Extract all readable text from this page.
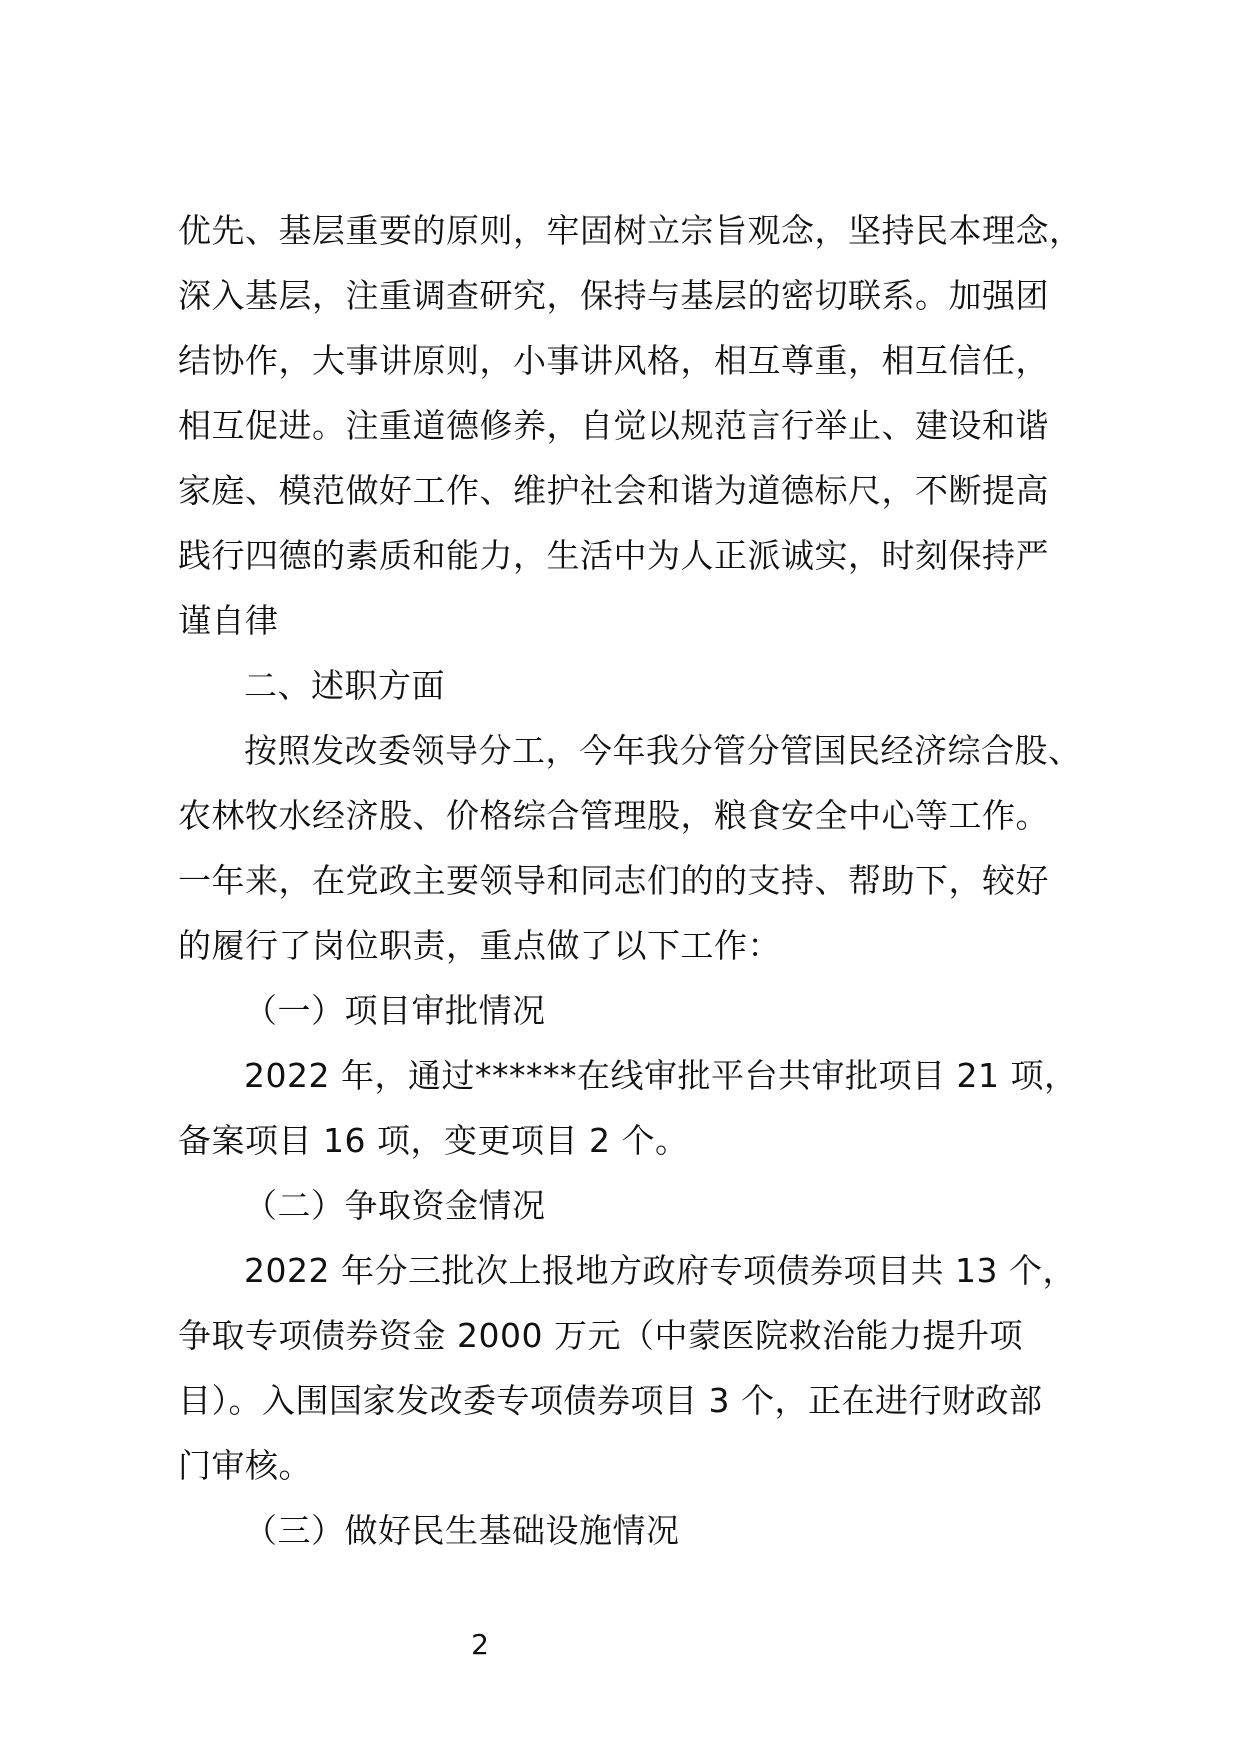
优先、基层重要的原则，牢固树立宗旨观念，坚持民本理念，
深入基层，注重调查研究，保持与基层的密切联系。加强团
结协作，大事讲原则，小事讲风格，相互尊重，相互信任，
相互促进。注重道德修养，自觉以规范言行举止、建设和谐
家庭、模范做好工作、维护社会和谐为道德标尺，不断提高
践行四德的素质和能力，生活中为人正派诚实，时刻保持严
谨自律
二、述职方面
按照发改委领导分工，今年我分管分管国民经济综合股、
农林牧水经济股、价格综合管理股，粮食安全中心等工作。
一年来，在党政主要领导和同志们的的支持、帮助下，较好
的履行了岗位职责，重点做了以下工作：
（一）项目审批情况
2022 年，通过******在线审批平台共审批项目 21 项，
备案项目 16 项，变更项目 2 个。
（二）争取资金情况
2022 年分三批次上报地方政府专项债券项目共 13 个，
争取专项债券资金 2000 万元（中蒙医院救治能力提升项
目）。入围国家发改委专项债券项目 3 个，正在进行财政部
门审核。
（三）做好民生基础设施情况
2
